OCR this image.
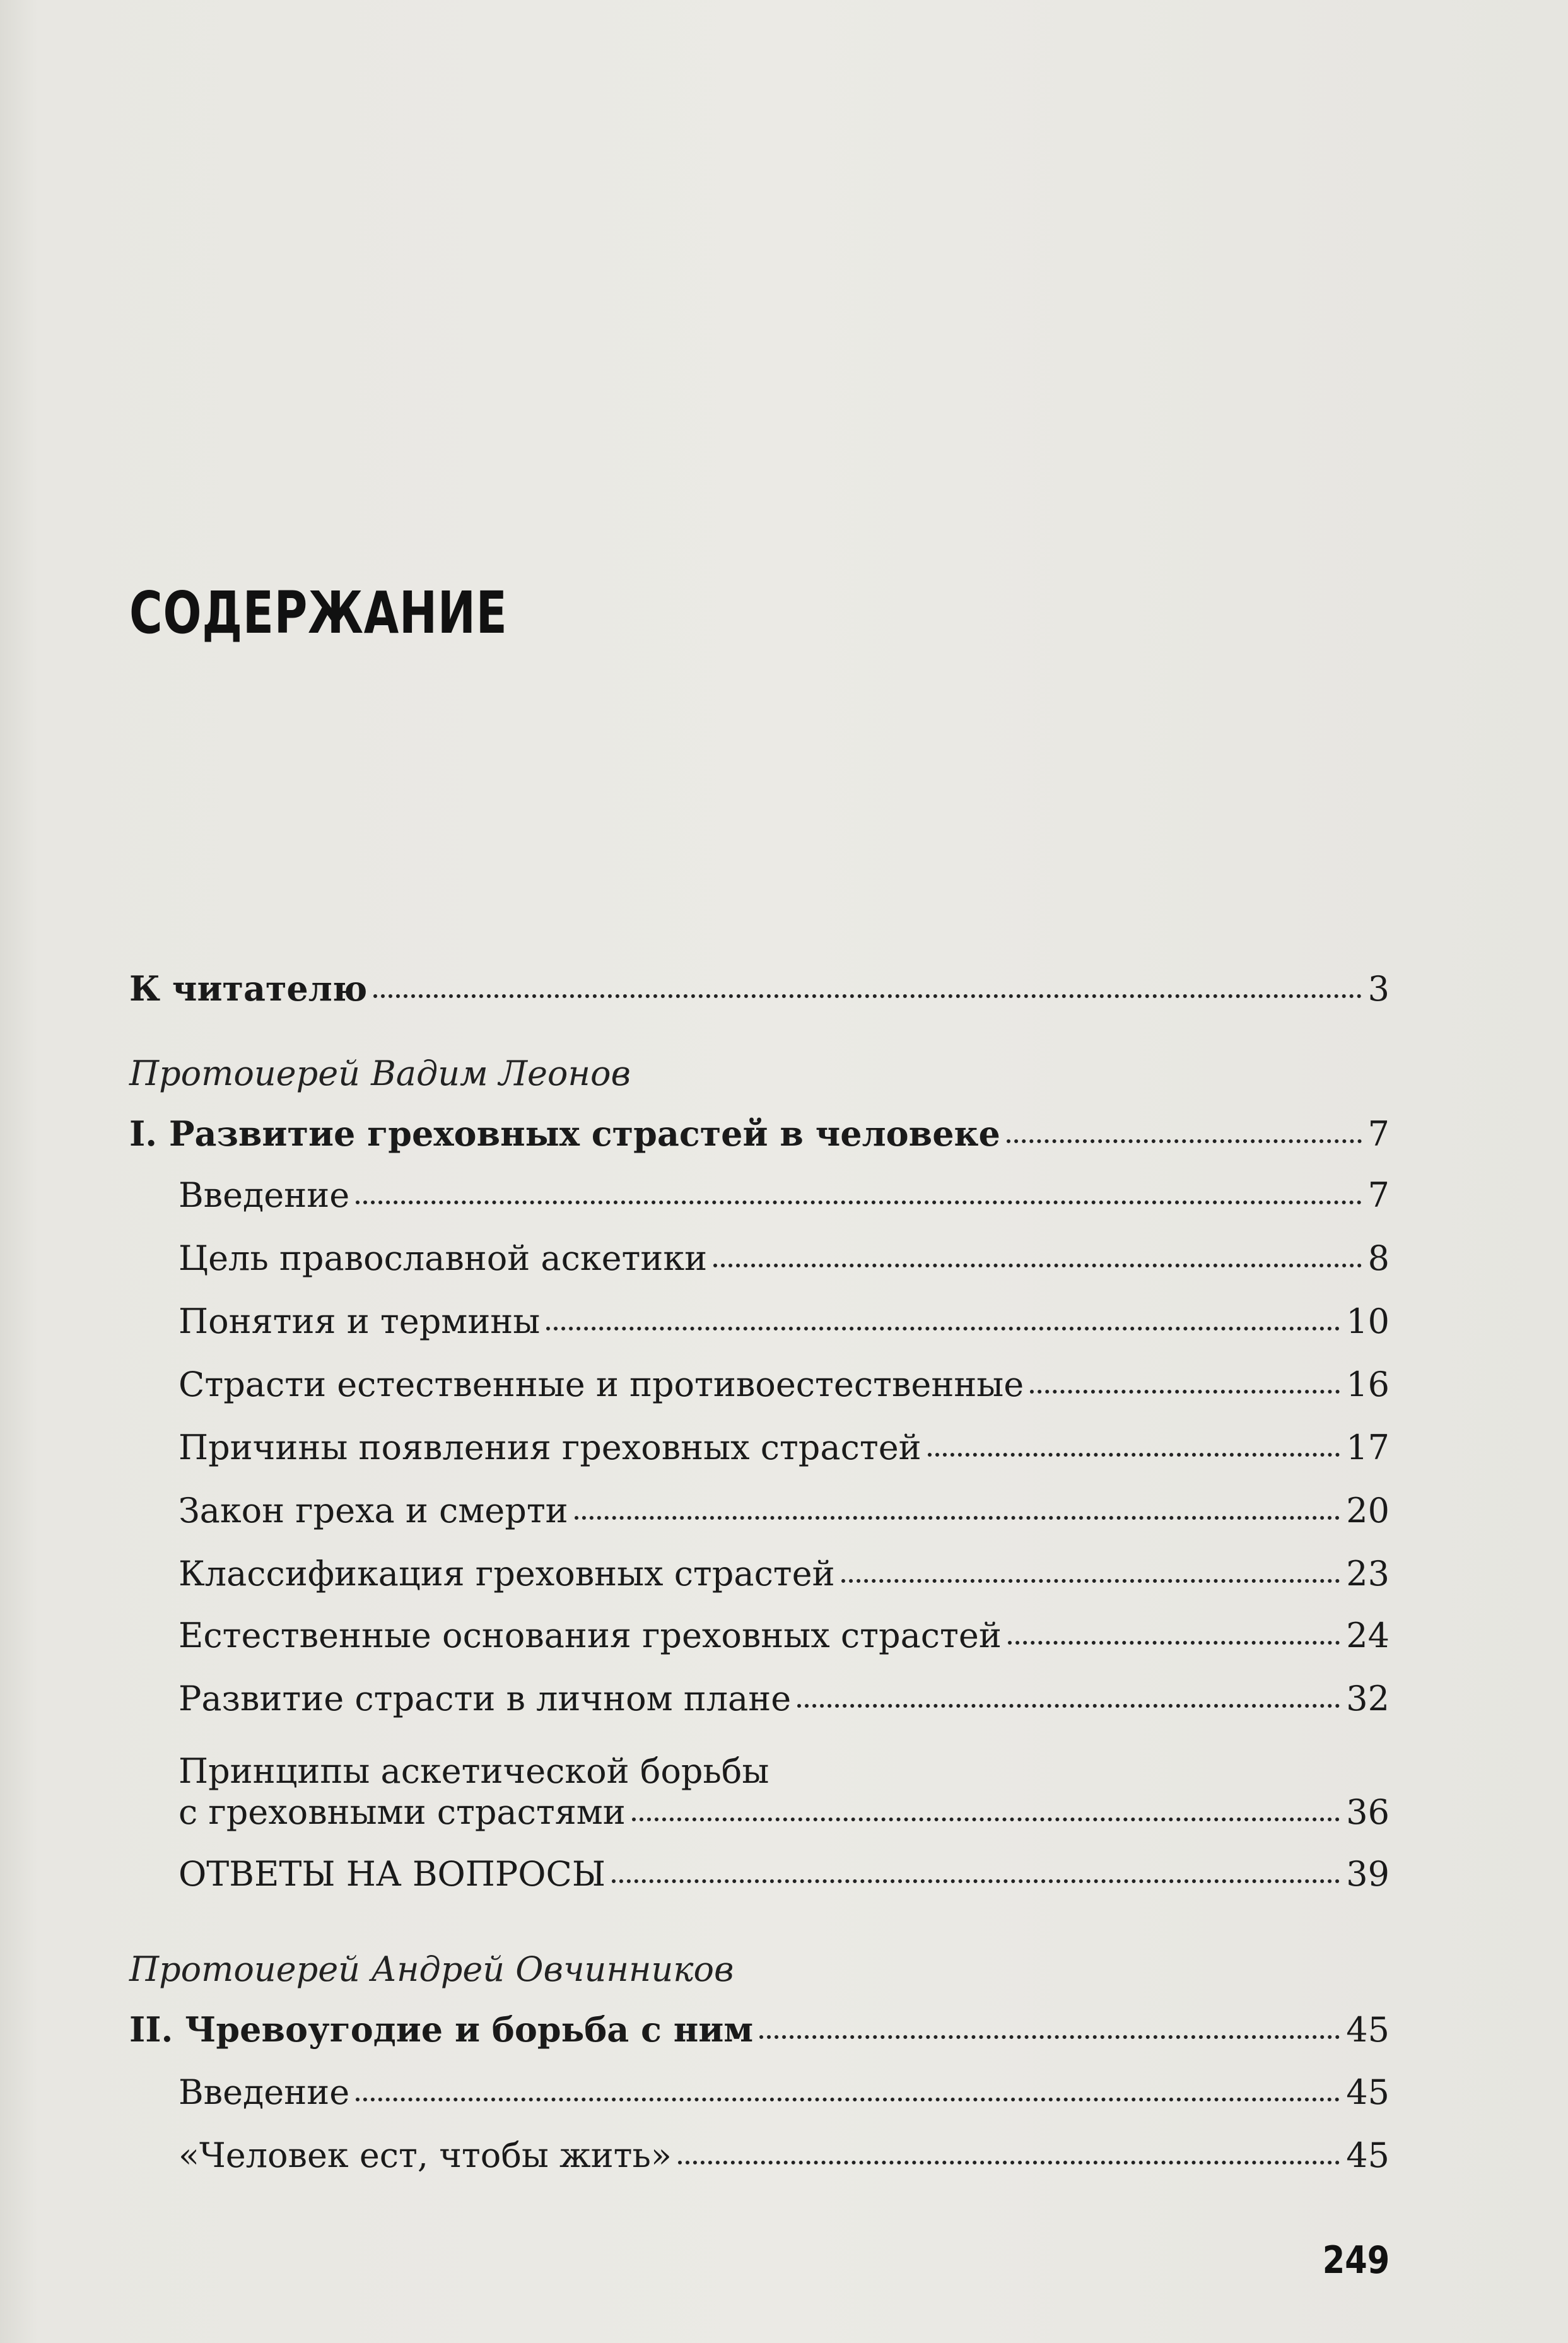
СОДЕРЖАНИЕ
К читателю	3
Протоиерей Вадим Леонов
I. Развитие греховных страстей в человеке	7
Введение	7
Цель православной аскетики	8
Понятия и термины	10
Страсти естественные и противоестественные	16
Причины появления греховных страстей	17
Закон греха и смерти	20
Классификация греховных страстей	23
Естественные основания греховных страстей	24
Развитие страсти в личном плане	32
Принципы аскетической борьбы
с греховными страстями	36
ОТВЕТЫ НА ВОПРОСЫ	39
Протоиерей Андрей Овчинников
II. Чревоугодие и борьба с ним	45
Введение	45
«Человек ест, чтобы жить»	45
249
